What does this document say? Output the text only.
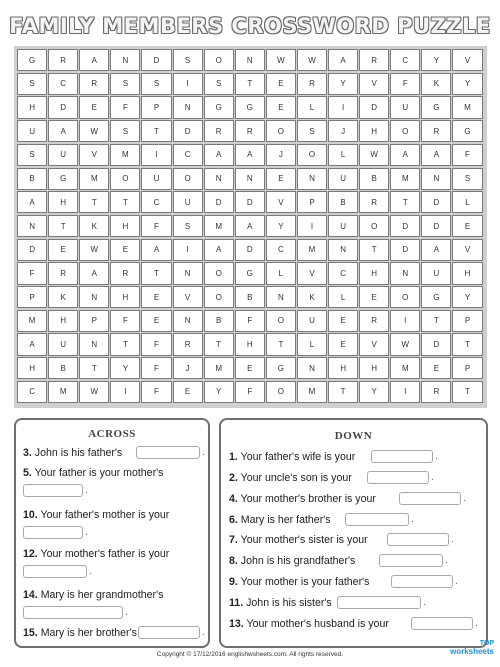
FAMILY MEMBERS CROSSWORD PUZZLE
G	R	A	N	D	S	O	N	W	W	A	R	C	Y	V
S	C	R	S	S	I	S	T	E	R	Y	V	F	K	Y
H	D	E	F	P	N	G	G	E	L	I	D	U	G	M
U	A	W	S	T	D	R	R	O	S	J	H	O	R	G
S	U	V	M	I	C	A	A	J	O	L	W	A	A	F
B	G	M	O	U	O	N	N	E	N	U	B	M	N	S
A	H	T	T	C	U	D	D	V	P	B	R	T	D	L
N	T	K	H	F	S	M	A	Y	I	U	O	D	D	E
D	E	W	E	A	I	A	D	C	M	N	T	D	A	V
F	R	A	R	T	N	O	G	L	V	C	H	N	U	H
P	K	N	H	E	V	O	B	N	K	L	E	O	G	Y
M	H	P	F	E	N	B	F	O	U	E	R	I	T	P
A	U	N	T	F	R	T	H	T	L	E	V	W	D	T
H	B	T	Y	F	J	M	E	G	N	H	H	M	E	P
C	M	W	I	F	E	Y	F	O	M	T	Y	I	R	T
ACROSS
3. John is his father's	.
5. Your father is your mother's
.
10. Your father's mother is your
.
12. Your mother's father is your
.
14. Mary is her grandmother's
.
15. Mary is her brother's	.
DOWN
1. Your father's wife is your	.
2. Your uncle's son is your	.
4. Your mother's brother is your	.
6. Mary is her father's	.
7. Your mother's sister is your	.
8. John is his grandfather's	.
9. Your mother is your father's	.
11. John is his sister's	.
13. Your mother's husband is your	.
Copyright © 17/12/2016 englishwsheets.com. All rights reserved.
TOP
worksheets
